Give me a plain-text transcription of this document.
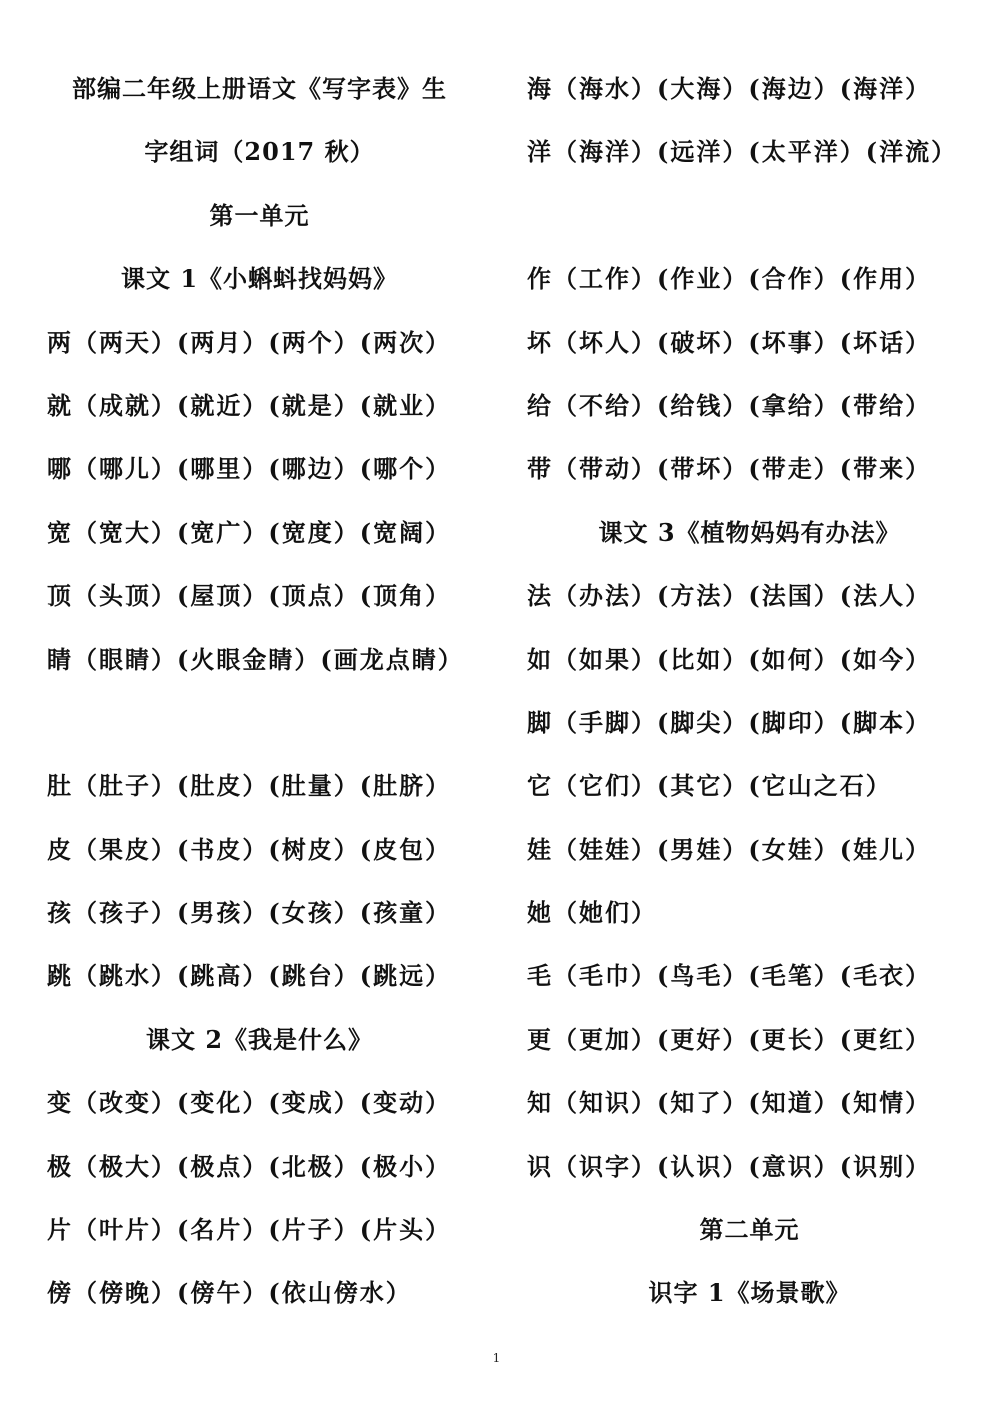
部编二年级上册语文《写字表》生
字组词（2017 秋）
第一单元
课文 1《小蝌蚪找妈妈》
两（两天）(两月）(两个）(两次）
就（成就）(就近）(就是）(就业）
哪（哪儿）(哪里）(哪边）(哪个）
宽（宽大）(宽广）(宽度）(宽阔）
顶（头顶）(屋顶）(顶点）(顶角）
睛（眼睛）(火眼金睛）(画龙点睛）
肚（肚子）(肚皮）(肚量）(肚脐）
皮（果皮）(书皮）(树皮）(皮包）
孩（孩子）(男孩）(女孩）(孩童）
跳（跳水）(跳高）(跳台）(跳远）
课文 2《我是什么》
变（改变）(变化）(变成）(变动）
极（极大）(极点）(北极）(极小）
片（叶片）(名片）(片子）(片头）
傍（傍晚）(傍午）(依山傍水）
海（海水）(大海）(海边）(海洋）
洋（海洋）(远洋）(太平洋）(洋流）
作（工作）(作业）(合作）(作用）
坏（坏人）(破坏）(坏事）(坏话）
给（不给）(给钱）(拿给）(带给）
带（带动）(带坏）(带走）(带来）
课文 3《植物妈妈有办法》
法（办法）(方法）(法国）(法人）
如（如果）(比如）(如何）(如今）
脚（手脚）(脚尖）(脚印）(脚本）
它（它们）(其它）(它山之石）
娃（娃娃）(男娃）(女娃）(娃儿）
她（她们）
毛（毛巾）(鸟毛）(毛笔）(毛衣）
更（更加）(更好）(更长）(更红）
知（知识）(知了）(知道）(知情）
识（识字）(认识）(意识）(识别）
第二单元
识字 1《场景歌》
1
